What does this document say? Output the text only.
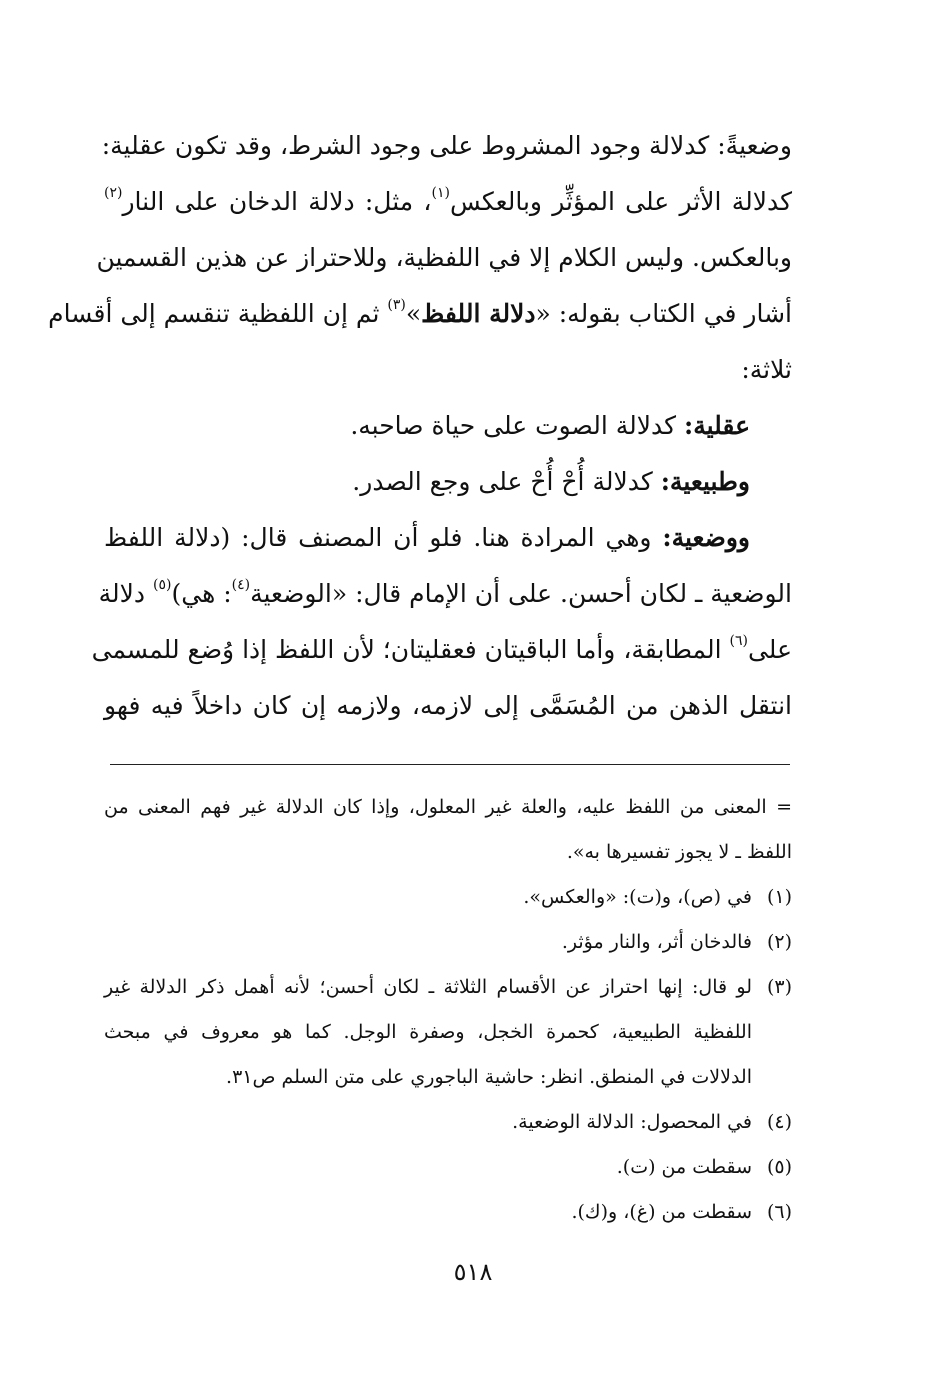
وضعيةً: كدلالة وجود المشروط على وجود الشرط، وقد تكون عقلية:
كدلالة الأثر على المؤثِّر وبالعكس$^{(١)}$، مثل: دلالة الدخان على النار$^{(٢)}$
وبالعكس. وليس الكلام إلا في اللفظية، وللاحتراز عن هذين القسمين
أشار في الكتاب بقوله: «دلالة اللفظ»$^{(٣)}$ ثم إن اللفظية تنقسم إلى أقسام
ثلاثة:
عقلية: كدلالة الصوت على حياة صاحبه.
وطبيعية: كدلالة أُحْ أُحْ على وجع الصدر.
ووضعية: وهي المرادة هنا. فلو أن المصنف قال: (دلالة اللفظ
الوضعية ـ لكان أحسن. على أن الإمام قال: «الوضعية$^{(٤)}$: هي)$^{(٥)}$ دلالة
على$^{(٦)}$ المطابقة، وأما الباقيتان فعقليتان؛ لأن اللفظ إذا وُضع للمسمى
انتقل الذهن من المُسَمَّى إلى لازمه، ولازمه إن كان داخلاً فيه فهو
= المعنى من اللفظ عليه، والعلة غير المعلول، وإذا كان الدلالة غير فهم المعنى من
اللفظ ـ لا يجوز تفسيرها به».
(١)في (ص)، و(ت): «والعكس».
(٢)فالدخان أثر، والنار مؤثر.
(٣)لو قال: إنها احتراز عن الأقسام الثلاثة ـ لكان أحسن؛ لأنه أهمل ذكر الدلالة غير
اللفظية الطبيعية، كحمرة الخجل، وصفرة الوجل. كما هو معروف في مبحث
الدلالات في المنطق. انظر: حاشية الباجوري على متن السلم ص٣١.
(٤)في المحصول: الدلالة الوضعية.
(٥)سقطت من (ت).
(٦)سقطت من (غ)، و(ك).
٥١٨
